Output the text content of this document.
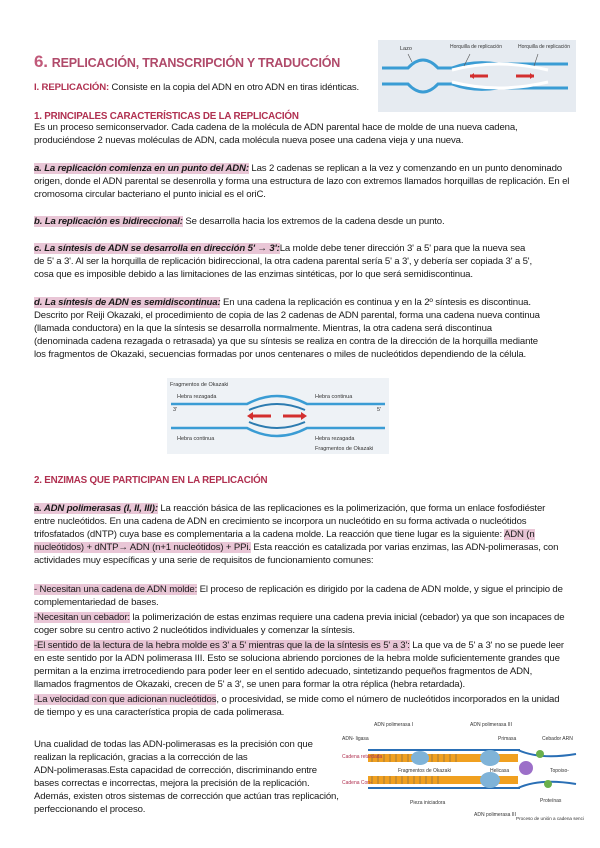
6. REPLICACIÓN, TRANSCRIPCIÓN Y TRADUCCIÓN
I. REPLICACIÓN: Consiste en la copia del ADN en otro ADN en tiras idénticas.
Lazo	Horquilla de replicación	Horquilla de replicación
1. PRINCIPALES CARACTERÍSTICAS DE LA REPLICACIÓN
Es un proceso semiconservador. Cada cadena de la molécula de ADN parental hace de molde de una nueva cadena,
produciéndose 2 nuevas moléculas de ADN, cada molécula nueva posee una cadena vieja y una nueva.
a. La replicación comienza en un punto del ADN: Las 2 cadenas se replican a la vez y comenzando en un punto denominado
origen, donde el ADN parental se desenrolla y forma una estructura de lazo con extremos llamados horquillas de replicación. En el
cromosoma circular bacteriano el punto inicial es el oriC.
b. La replicación es bidireccional: Se desarrolla hacia los extremos de la cadena desde un punto.
c. La síntesis de ADN se desarrolla en dirección 5' → 3':La molde debe tener dirección 3' a 5' para que la nueva sea
de 5' a 3'. Al ser la horquilla de replicación bidireccional, la otra cadena parental sería 5' a 3', y debería ser copiada 3' a 5',
cosa que es imposible debido a las limitaciones de las enzimas sintéticas, por lo que será semidiscontinua.
d. La síntesis de ADN es semidiscontinua: En una cadena la replicación es continua y en la 2º síntesis es discontinua.
Descrito por Reiji Okazaki, el procedimiento de copia de las 2 cadenas de ADN parental, forma una cadena nueva continua
(llamada conductora) en la que la síntesis se desarrolla normalmente. Mientras, la otra cadena será discontinua
(denominada cadena rezagada o retrasada) ya que su síntesis se realiza en contra de la dirección de la horquilla mediante
los fragmentos de Okazaki, secuencias formadas por unos centenares o miles de nucleótidos dependiendo de la célula.
Fragmentos de Okazaki
Hebra rezagada	Hebra continua
Hebra continua	Hebra rezagada
Fragmentos de Okazaki
3'	5'
2. ENZIMAS QUE PARTICIPAN EN LA REPLICACIÓN
a. ADN polimerasas (I, II, III): La reacción básica de las replicaciones es la polimerización, que forma un enlace fosfodiéster
entre nucleótidos. En una cadena de ADN en crecimiento se incorpora un nucleótido en su forma activada o nucleótidos
trifosfatados (dNTP) cuya base es complementaria a la cadena molde. La reacción que tiene lugar es la siguiente: ADN (n
nucleótidos) + dNTP→ ADN (n+1 nucleótidos) + PPi. Esta reacción es catalizada por varias enzimas, las ADN-polimerasas, con
actividades muy específicas y una serie de requisitos de funcionamiento comunes:
- Necesitan una cadena de ADN molde: El proceso de replicación es dirigido por la cadena de ADN molde, y sigue el principio de
complementariedad de bases.
-Necesitan un cebador: la polimerización de estas enzimas requiere una cadena previa inicial (cebador) ya que son incapaces de
coger sobre su centro activo 2 nucleótidos individuales y comenzar la síntesis.
-El sentido de la lectura de la hebra molde es 3' a 5' mientras que la de la síntesis es 5' a 3': La que va de 5' a 3' no se puede leer
en este sentido por la ADN polimerasa III. Esto se soluciona abriendo porciones de la hebra molde suficientemente grandes que
permitan a la enzima irretrocediendo para poder leer en el sentido adecuado, sintetizando pequeños fragmentos de ADN,
llamados fragmentos de Okazaki, crecen de 5' a 3', se unen para formar la otra réplica (hebra retardada).
-La velocidad con que adicionan nucleótidos, o procesividad, se mide como el número de nucleótidos incorporados en la unidad
de tiempo y es una característica propia de cada polimerasa.
Una cualidad de todas las ADN-polimerasas es la precisión con que
realizan la replicación, gracias a la corrección de las
ADN-polimerasas.Esta capacidad de corrección, discriminando entre
bases correctas e incorrectas, mejora la precisión de la replicación.
Además, existen otros sistemas de corrección que actúan tras replicación,
perfeccionando el proceso.
ADN polimerasa I	ADN polimerasa III
ADN- ligasa	Primasa	Cebador ARN
Cadena retardada
Cadena Con-
Fragmentos de Okazaki	Helicasa	Topoiso-
Pieza iniciadora
ADN polimerasa III
Proteínas
Proceso de unión a cadena sencilla
